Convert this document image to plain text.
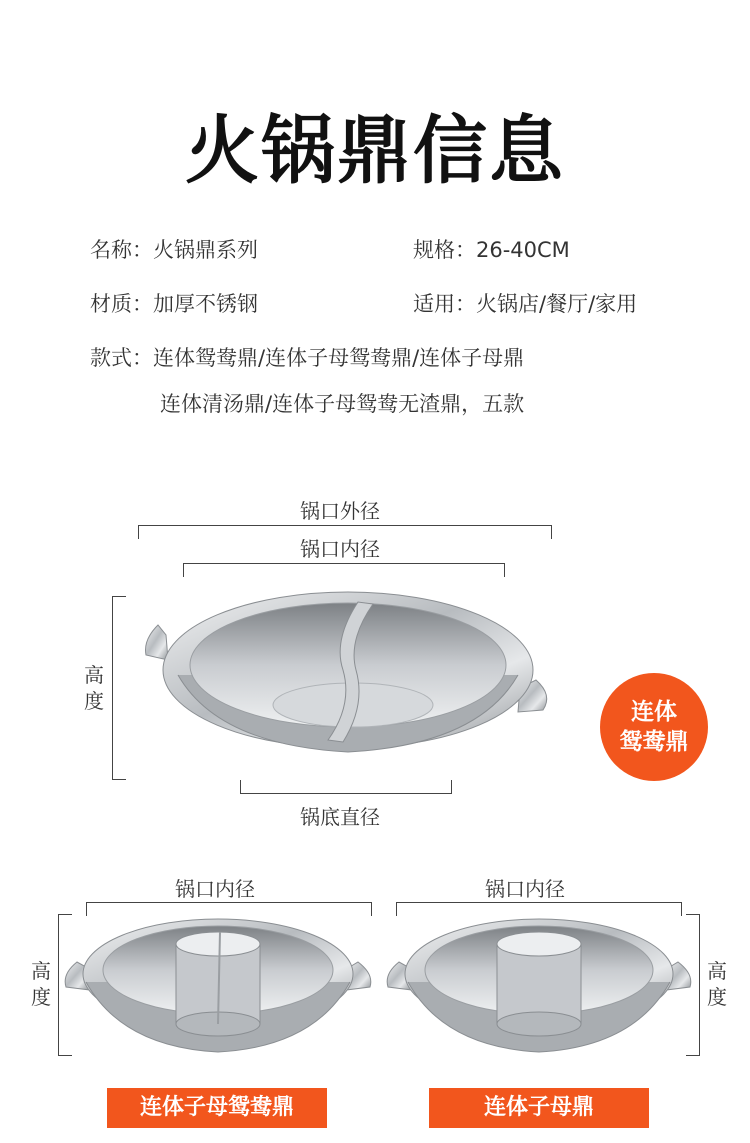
火锅鼎信息
名称：火锅鼎系列	规格：26-40CM
材质：加厚不锈钢	适用：火锅店/餐厅/家用
款式：连体鸳鸯鼎/连体子母鸳鸯鼎/连体子母鼎
连体清汤鼎/连体子母鸳鸯无渣鼎，五款
锅口外径
锅口内径
高度
锅底直径
连体
鸳鸯鼎
锅口内径
高度
连体子母鸳鸯鼎
锅口内径
高度
连体子母鼎
